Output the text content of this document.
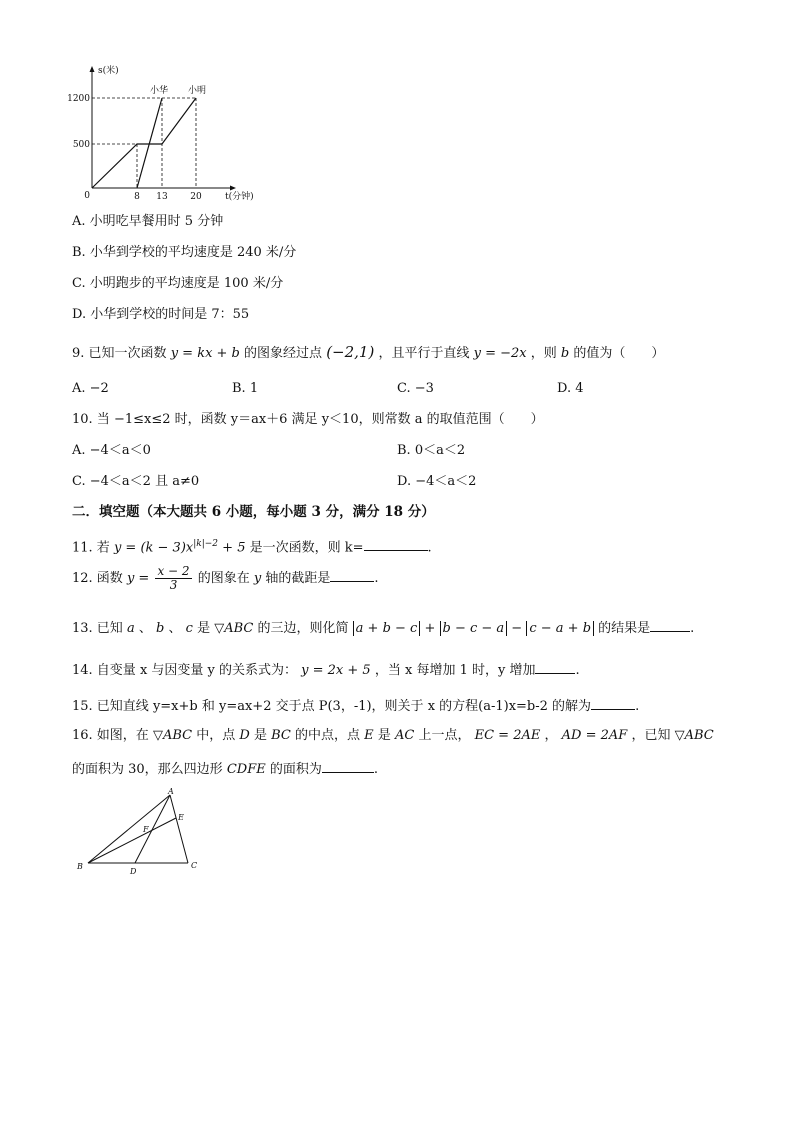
s(米)
1200
500
0	8 13	20	t(分钟)
小华 小明
A. 小明吃早餐用时 5 分钟
B. 小华到学校的平均速度是 240 米/分
C. 小明跑步的平均速度是 100 米/分
D. 小华到学校的时间是 7：55
9. 已知一次函数 y = kx + b 的图象经过点 (−2,1) ，且平行于直线 y = −2x ，则 b 的值为（　　）
A. −2	B. 1	C. −3	D. 4
10. 当 −1≤x≤2 时，函数 y＝ax＋6 满足 y＜10，则常数 a 的取值范围（　　）
A. −4＜a＜0	B. 0＜a＜2
C. −4＜a＜2 且 a≠0	D. −4＜a＜2
二．填空题（本大题共 6 小题，每小题 3 分，满分 18 分）
11. 若 $y = (k - 3)x^{|k|-2} + 5$ 是一次函数，则 k=	.
12. 函数 $y = \frac{x - 2}{3}$ 的图象在 y 轴的截距是	.
13. 已知 a 、 b 、 c 是 ▽ABC 的三边，则化简 a + b − c + b − c − a − c − a + b 的结果是	.
14. 自变量 x 与因变量 y 的关系式为： y = 2x + 5 ，当 x 每增加 1 时，y 增加	.
15. 已知直线 y=x+b 和 y=ax+2 交于点 P(3，-1)，则关于 x 的方程(a-1)x=b-2 的解为	.
16. 如图，在 ▽ABC 中，点 D 是 BC 的中点，点 E 是 AC 上一点， EC = 2AE ， AD = 2AF ，已知 ▽ABC
的面积为 30，那么四边形 CDFE 的面积为	.
A
E
F
B
D
C
